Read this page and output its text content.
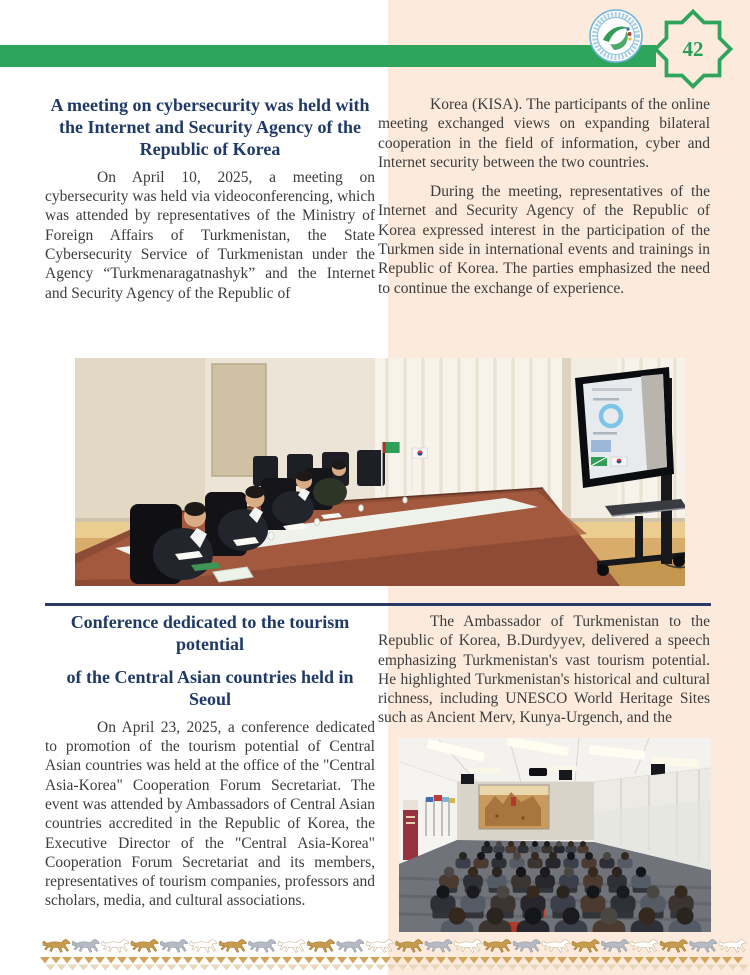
42
A meeting on cybersecurity was held with the Internet and Security Agency of the Republic of Korea

On April 10, 2025, a meeting on cybersecurity was held via videoconferencing, which was attended by representatives of the Ministry of Foreign Affairs of Turkmenistan, the State Cybersecurity Service of Turkmenistan under the Agency “Turkmenaragatnashyk” and the Internet and Security Agency of the Republic of

Korea (KISA). The participants of the online meeting exchanged views on expanding bilateral cooperation in the field of information, cyber and Internet security between the two countries.

During the meeting, representatives of the Internet and Security Agency of the Republic of Korea expressed interest in the participation of the Turkmen side in international events and trainings in Republic of Korea. The parties emphasized the need to continue the exchange of experience.

Conference dedicated to the tourism potential
of the Central Asian countries held in Seoul

On April 23, 2025, a conference dedicated to promotion of the tourism potential of Central Asian countries was held at the office of the "Central Asia-Korea" Cooperation Forum Secretariat. The event was attended by Ambassadors of Central Asian countries accredited in the Republic of Korea, the Executive Director of the "Central Asia-Korea" Cooperation Forum Secretariat and its members, representatives of tourism companies, professors and scholars, media, and cultural associations.

The Ambassador of Turkmenistan to the Republic of Korea, B.Durdyyev, delivered a speech emphasizing Turkmenistan's vast tourism potential. He highlighted Turkmenistan's historical and cultural richness, including UNESCO World Heritage Sites such as Ancient Merv, Kunya-Urgench, and the
